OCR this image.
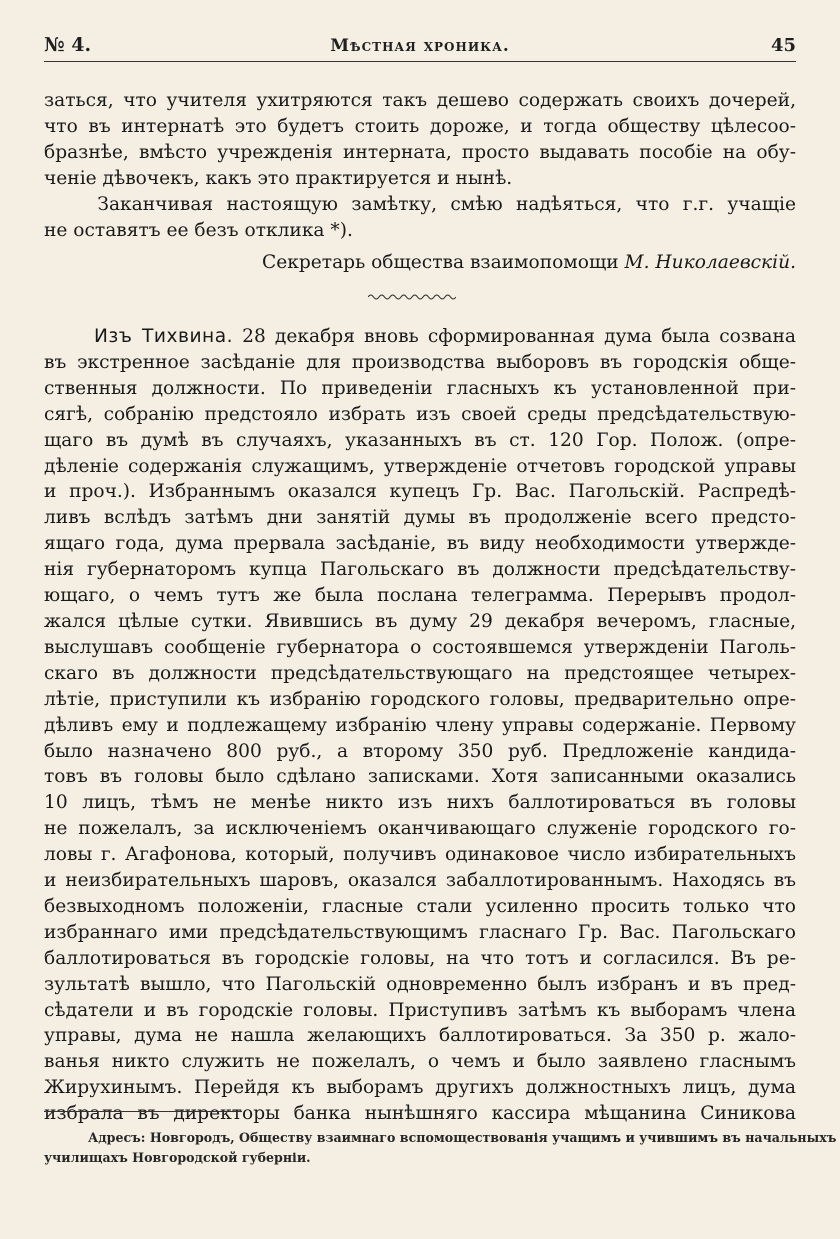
№ 4.	Мѣстная хроника.	45
заться, что учителя ухитряются такъ дешево содержать своихъ дочерей,
что въ интернатѣ это будетъ стоить дороже, и тогда обществу цѣлесоо-
бразнѣе, вмѣсто учрежденія интерната, просто выдавать пособіе на обу-
ченіе дѣвочекъ, какъ это практируется и нынѣ.
Заканчивая настоящую замѣтку, смѣю надѣяться, что г.г. учащіе
не оставятъ ее безъ отклика *).
Секретарь общества взаимопомощи М. Николаевскій.
Изъ Тихвина. 28 декабря вновь сформированная дума была созвана
въ экстренное засѣданіе для производства выборовъ въ городскія обще-
ственныя должности. По приведеніи гласныхъ къ установленной при-
сягѣ, собранію предстояло избрать изъ своей среды предсѣдательствую-
щаго въ думѣ въ случаяхъ, указанныхъ въ ст. 120 Гор. Полож. (опре-
дѣленіе содержанія служащимъ, утвержденіе отчетовъ городской управы
и проч.). Избраннымъ оказался купецъ Гр. Вас. Пагольскій. Распредѣ-
ливъ вслѣдъ затѣмъ дни занятій думы въ продолженіе всего предсто-
ящаго года, дума прервала засѣданіе, въ виду необходимости утвержде-
нія губернаторомъ купца Пагольскаго въ должности предсѣдательству-
ющаго, о чемъ тутъ же была послана телеграмма. Перерывъ продол-
жался цѣлые сутки. Явившись въ думу 29 декабря вечеромъ, гласные,
выслушавъ сообщеніе губернатора о состоявшемся утвержденіи Паголь-
скаго въ должности предсѣдательствующаго на предстоящее четырех-
лѣтіе, приступили къ избранію городского головы, предварительно опре-
дѣливъ ему и подлежащему избранію члену управы содержаніе. Первому
было назначено 800 руб., а второму 350 руб. Предложеніе кандида-
товъ въ головы было сдѣлано записками. Хотя записанными оказались
10 лицъ, тѣмъ не менѣе никто изъ нихъ баллотироваться въ головы
не пожелалъ, за исключеніемъ оканчивающаго служеніе городского го-
ловы г. Агафонова, который, получивъ одинаковое число избирательныхъ
и неизбирательныхъ шаровъ, оказался забаллотированнымъ. Находясь въ
безвыходномъ положеніи, гласные стали усиленно просить только что
избраннаго ими предсѣдательствующимъ гласнаго Гр. Вас. Пагольскаго
баллотироваться въ городскіе головы, на что тотъ и согласился. Въ ре-
зультатѣ вышло, что Пагольскій одновременно былъ избранъ и въ пред-
сѣдатели и въ городскіе головы. Приступивъ затѣмъ къ выборамъ члена
управы, дума не нашла желающихъ баллотироваться. За 350 р. жало-
ванья никто служить не пожелалъ, о чемъ и было заявлено гласнымъ
Жирухинымъ. Перейдя къ выборамъ другихъ должностныхъ лицъ, дума
избрала въ директоры банка нынѣшняго кассира мѣщанина Синикова
Адресъ: Новгородъ, Обществу взаимнаго вспомоществованія учащимъ и учившимъ въ начальныхъ
училищахъ Новгородской губерніи.
